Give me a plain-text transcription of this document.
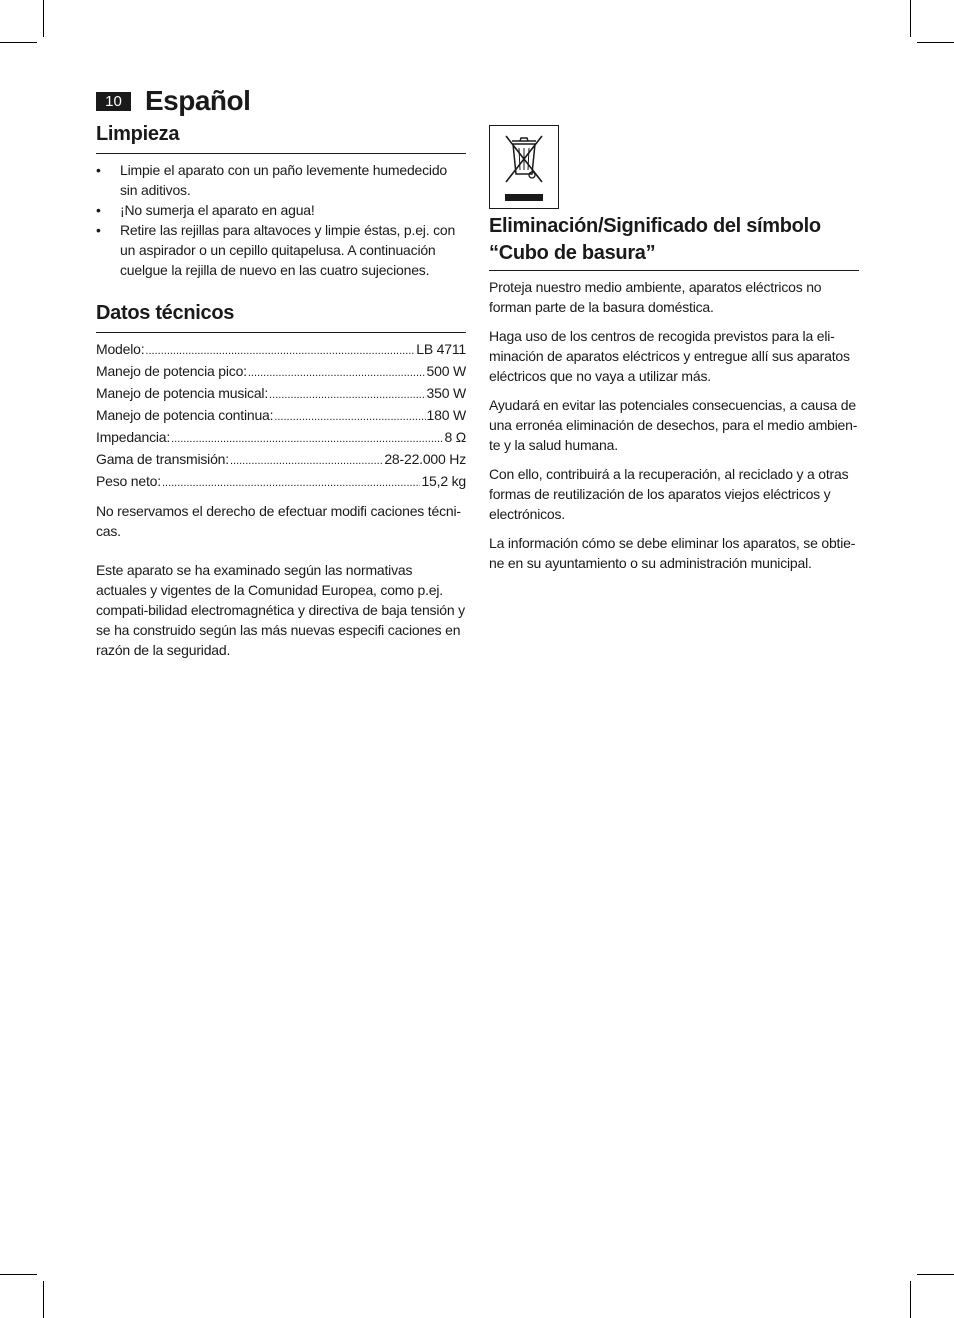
10 Español
Limpieza
• Limpie el aparato con un paño levemente humedecido sin aditivos.
• ¡No sumerja el aparato en agua!
• Retire las rejillas para altavoces y limpie éstas, p.ej. con un aspirador o un cepillo quitapelusa. A continuación cuelgue la rejilla de nuevo en las cuatro sujeciones.
Datos técnicos
Modelo: .....	LB 4711
Manejo de potencia pico: .....	500 W
Manejo de potencia musical: .....	350 W
Manejo de potencia continua: .....	180 W
Impedancia: .....	8 Ω
Gama de transmisión: .....	28-22.000 Hz
Peso neto: .....	15,2 kg

No reservamos el derecho de efectuar modifi caciones técni-cas.

Este aparato se ha examinado según las normativas actuales y vigentes de la Comunidad Europea, como p.ej. compati-bilidad electromagnética y directiva de baja tensión y se ha construido según las más nuevas especifi caciones en razón de la seguridad.

Eliminación/Significado del símbolo “Cubo de basura”

Proteja nuestro medio ambiente, aparatos eléctricos no forman parte de la basura doméstica.

Haga uso de los centros de recogida previstos para la eli-minación de aparatos eléctricos y entregue allí sus aparatos eléctricos que no vaya a utilizar más.

Ayudará en evitar las potenciales consecuencias, a causa de una erronéa eliminación de desechos, para el medio ambien-te y la salud humana.

Con ello, contribuirá a la recuperación, al reciclado y a otras formas de reutilización de los aparatos viejos eléctricos y electrónicos.

La información cómo se debe eliminar los aparatos, se obtie-ne en su ayuntamiento o su administración municipal.
